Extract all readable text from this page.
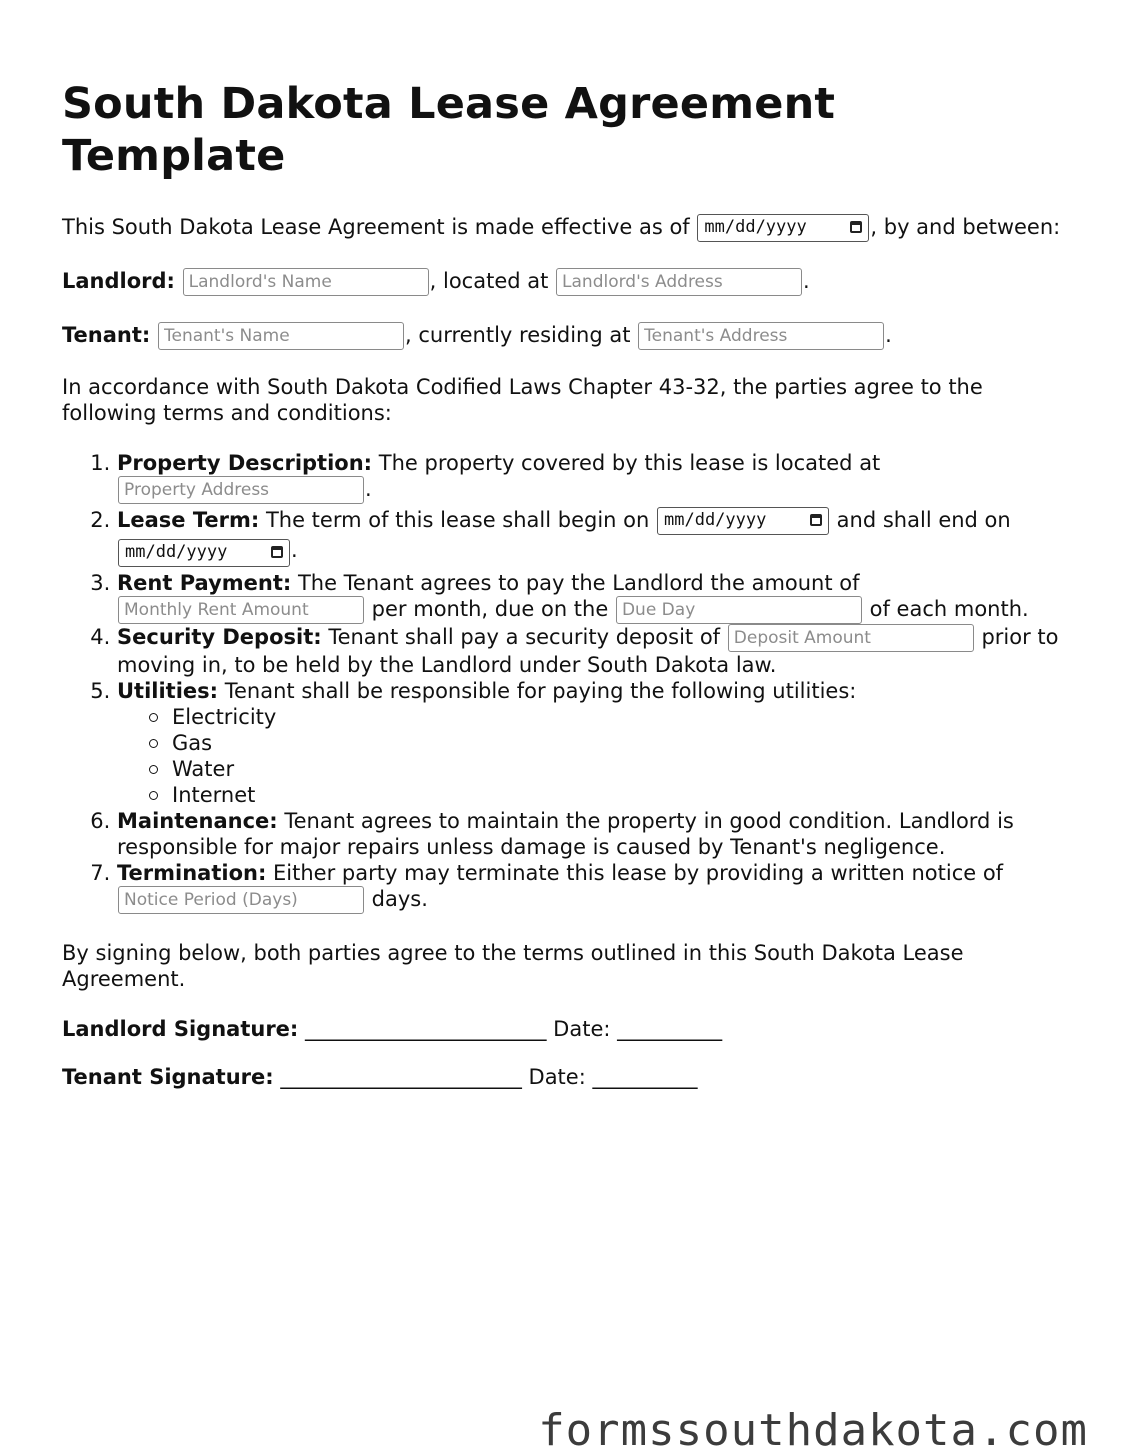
South Dakota Lease Agreement Template

This South Dakota Lease Agreement is made effective as of mm/dd/yyyy	, by and between:

Landlord: Landlord's Name	, located at Landlord's Address	.
Tenant: Tenant's Name	, currently residing at Tenant's Address	.

In accordance with South Dakota Codified Laws Chapter 43-32, the parties agree to the following terms and conditions:

1. Property Description: The property covered by this lease is located at Property Address.
2. Lease Term: The term of this lease shall begin on mm/dd/yyyy	and shall end on mm/dd/yyyy	.
3. Rent Payment: The Tenant agrees to pay the Landlord the amount of Monthly Rent Amount per month, due on the Due Day	of each month.
4. Security Deposit: Tenant shall pay a security deposit of Deposit Amount	prior to moving in, to be held by the Landlord under South Dakota law.
5. Utilities: Tenant shall be responsible for paying the following utilities:
Electricity
Gas
Water
Internet
6. Maintenance: Tenant agrees to maintain the property in good condition. Landlord is responsible for major repairs unless damage is caused by Tenant's negligence.
7. Termination: Either party may terminate this lease by providing a written notice of Notice Period (Days) days.

By signing below, both parties agree to the terms outlined in this South Dakota Lease Agreement.

Landlord Signature: _______________________ Date: __________
Tenant Signature: _______________________ Date: __________
formssouthdakota.com
